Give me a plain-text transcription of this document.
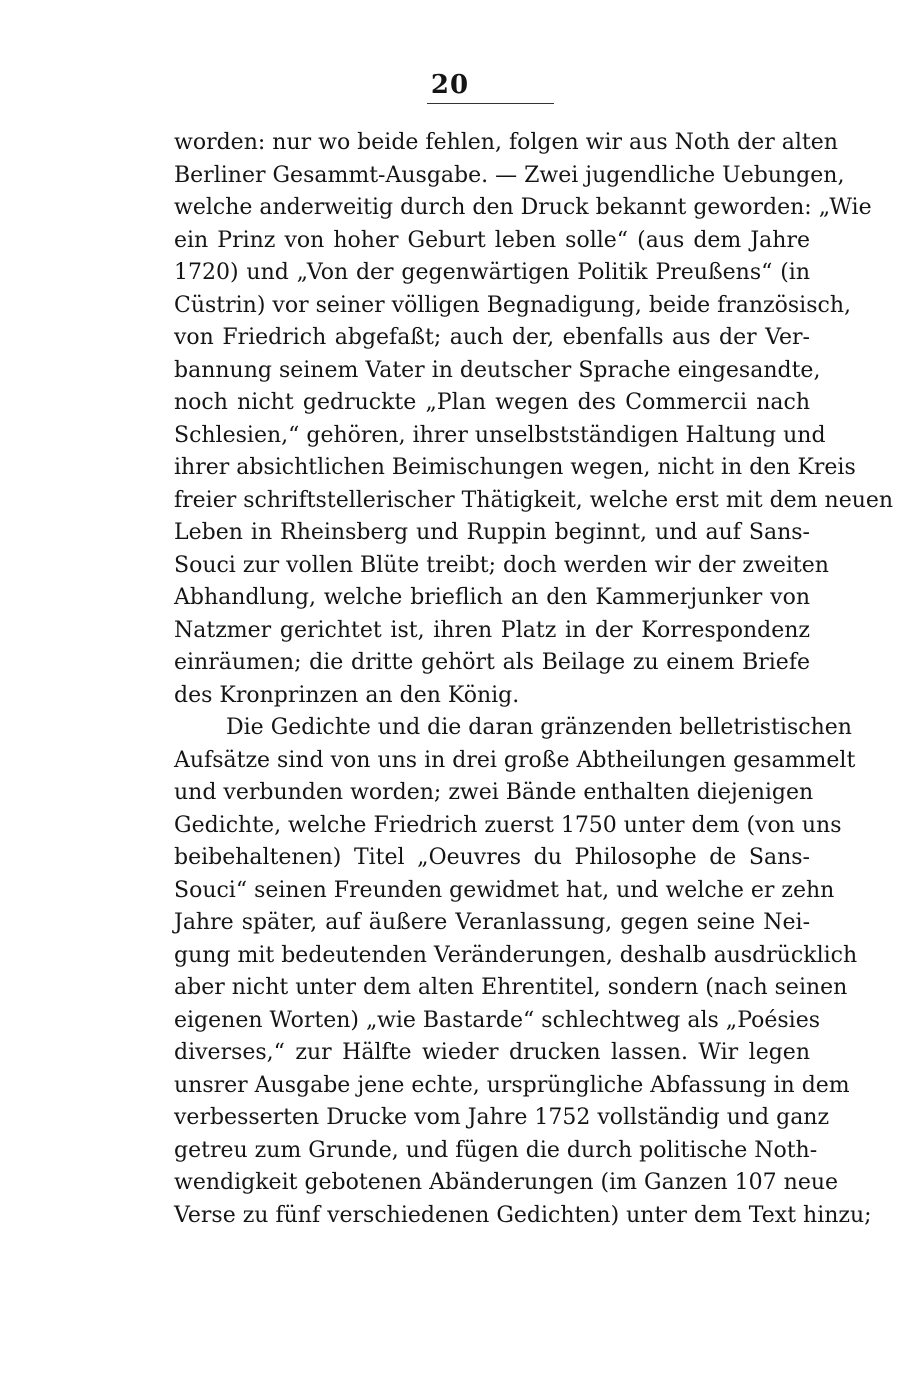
20
worden: nur wo beide fehlen, folgen wir aus Noth der alten
Berliner Gesammt-Ausgabe. — Zwei jugendliche Uebungen,
welche anderweitig durch den Druck bekannt geworden: „Wie
ein Prinz von hoher Geburt leben solle“ (aus dem Jahre
1720) und „Von der gegenwärtigen Politik Preußens“ (in
Cüstrin) vor seiner völligen Begnadigung, beide französisch,
von Friedrich abgefaßt; auch der, ebenfalls aus der Ver-
bannung seinem Vater in deutscher Sprache eingesandte,
noch nicht gedruckte „Plan wegen des Commercii nach
Schlesien,“ gehören, ihrer unselbstständigen Haltung und
ihrer absichtlichen Beimischungen wegen, nicht in den Kreis
freier schriftstellerischer Thätigkeit, welche erst mit dem neuen
Leben in Rheinsberg und Ruppin beginnt, und auf Sans-
Souci zur vollen Blüte treibt; doch werden wir der zweiten
Abhandlung, welche brieflich an den Kammerjunker von
Natzmer gerichtet ist, ihren Platz in der Korrespondenz
einräumen; die dritte gehört als Beilage zu einem Briefe
des Kronprinzen an den König.
Die Gedichte und die daran gränzenden belletristischen
Aufsätze sind von uns in drei große Abtheilungen gesammelt
und verbunden worden; zwei Bände enthalten diejenigen
Gedichte, welche Friedrich zuerst 1750 unter dem (von uns
beibehaltenen) Titel „Oeuvres du Philosophe de Sans-
Souci“ seinen Freunden gewidmet hat, und welche er zehn
Jahre später, auf äußere Veranlassung, gegen seine Nei-
gung mit bedeutenden Veränderungen, deshalb ausdrücklich
aber nicht unter dem alten Ehrentitel, sondern (nach seinen
eigenen Worten) „wie Bastarde“ schlechtweg als „Poésies
diverses,“ zur Hälfte wieder drucken lassen. Wir legen
unsrer Ausgabe jene echte, ursprüngliche Abfassung in dem
verbesserten Drucke vom Jahre 1752 vollständig und ganz
getreu zum Grunde, und fügen die durch politische Noth-
wendigkeit gebotenen Abänderungen (im Ganzen 107 neue
Verse zu fünf verschiedenen Gedichten) unter dem Text hinzu;
